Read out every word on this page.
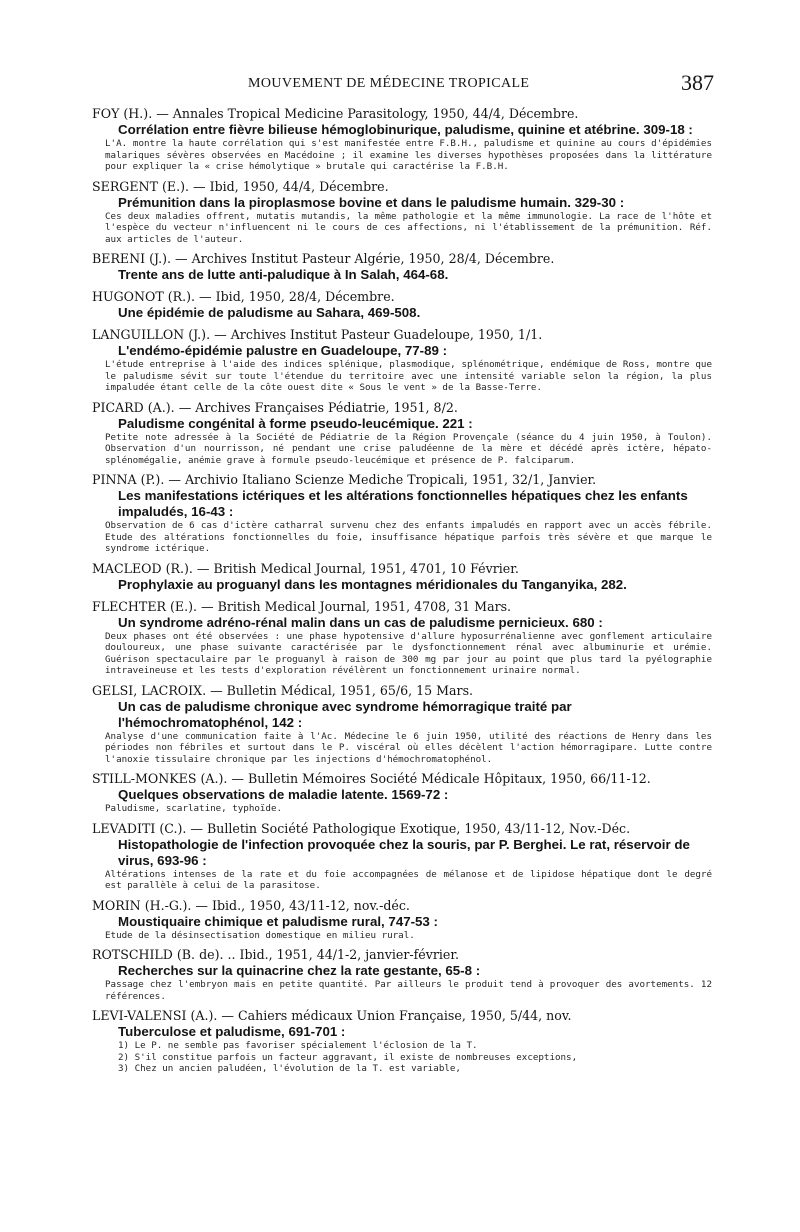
MOUVEMENT DE MÉDECINE TROPICALE	387
FOY (H.). — Annales Tropical Medicine Parasitology, 1950, 44/4, Décembre.
Corrélation entre fièvre bilieuse hémoglobinurique, paludisme, quinine et atébrine. 309-18 :
L'A. montre la haute corrélation qui s'est manifestée entre F.B.H., paludisme et quinine au cours d'épidémies malariques sévères observées en Macédoine ; il examine les diverses hypothèses proposées dans la littérature pour expliquer la « crise hémolytique » brutale qui caractérise la F.B.H.
SERGENT (E.). — Ibid, 1950, 44/4, Décembre.
Prémunition dans la piroplasmose bovine et dans le paludisme humain. 329-30 :
Ces deux maladies offrent, mutatis mutandis, la même pathologie et la même immunologie. La race de l'hôte et l'espèce du vecteur n'influencent ni le cours de ces affections, ni l'établissement de la prémunition. Réf. aux articles de l'auteur.
BERENI (J.). — Archives Institut Pasteur Algérie, 1950, 28/4, Décembre.
Trente ans de lutte anti-paludique à In Salah, 464-68.
HUGONOT (R.). — Ibid, 1950, 28/4, Décembre.
Une épidémie de paludisme au Sahara, 469-508.
LANGUILLON (J.). — Archives Institut Pasteur Guadeloupe, 1950, 1/1.
L'endémo-épidémie palustre en Guadeloupe, 77-89 :
L'étude entreprise à l'aide des indices splénique, plasmodique, splénométrique, endémique de Ross, montre que le paludisme sévit sur toute l'étendue du territoire avec une intensité variable selon la région, la plus impaludée étant celle de la côte ouest dite « Sous le vent » de la Basse-Terre.
PICARD (A.). — Archives Françaises Pédiatrie, 1951, 8/2.
Paludisme congénital à forme pseudo-leucémique. 221 :
Petite note adressée à la Société de Pédiatrie de la Région Provençale (séance du 4 juin 1950, à Toulon). Observation d'un nourrisson, né pendant une crise paludéenne de la mère et décédé après ictère, hépato-splénomégalie, anémie grave à formule pseudo-leucémique et présence de P. falciparum.
PINNA (P.). — Archivio Italiano Scienze Mediche Tropicali, 1951, 32/1, Janvier.
Les manifestations ictériques et les altérations fonctionnelles hépatiques chez les enfants impaludés, 16-43 :
Observation de 6 cas d'ictère catharral survenu chez des enfants impaludés en rapport avec un accès fébrile. Etude des altérations fonctionnelles du foie, insuffisance hépatique parfois très sévère et que marque le syndrome ictérique.
MACLEOD (R.). — British Medical Journal, 1951, 4701, 10 Février.
Prophylaxie au proguanyl dans les montagnes méridionales du Tanganyika, 282.
FLECHTER (E.). — British Medical Journal, 1951, 4708, 31 Mars.
Un syndrome adréno-rénal malin dans un cas de paludisme pernicieux. 680 :
Deux phases ont été observées : une phase hypotensive d'allure hyposurrénalienne avec gonflement articulaire douloureux, une phase suivante caractérisée par le dysfonctionnement rénal avec albuminurie et urémie. Guérison spectaculaire par le proguanyl à raison de 300 mg par jour au point que plus tard la pyélographie intraveineuse et les tests d'exploration révélèrent un fonctionnement urinaire normal.
GELSI, LACROIX. — Bulletin Médical, 1951, 65/6, 15 Mars.
Un cas de paludisme chronique avec syndrome hémorragique traité par l'hémochromatophénol, 142 :
Analyse d'une communication faite à l'Ac. Médecine le 6 juin 1950, utilité des réactions de Henry dans les périodes non fébriles et surtout dans le P. viscéral où elles décèlent l'action hémorragipare. Lutte contre l'anoxie tissulaire chronique par les injections d'hémochromatophénol.
STILL-MONKES (A.). — Bulletin Mémoires Société Médicale Hôpitaux, 1950, 66/11-12.
Quelques observations de maladie latente. 1569-72 :
Paludisme, scarlatine, typhoïde.
LEVADITI (C.). — Bulletin Société Pathologique Exotique, 1950, 43/11-12, Nov.-Déc.
Histopathologie de l'infection provoquée chez la souris, par P. Berghei. Le rat, réservoir de virus, 693-96 :
Altérations intenses de la rate et du foie accompagnées de mélanose et de lipidose hépatique dont le degré est parallèle à celui de la parasitose.
MORIN (H.-G.). — Ibid., 1950, 43/11-12, nov.-déc.
Moustiquaire chimique et paludisme rural, 747-53 :
Etude de la désinsectisation domestique en milieu rural.
ROTSCHILD (B. de). .. Ibid., 1951, 44/1-2, janvier-février.
Recherches sur la quinacrine chez la rate gestante, 65-8 :
Passage chez l'embryon mais en petite quantité. Par ailleurs le produit tend à provoquer des avortements. 12 références.
LEVI-VALENSI (A.). — Cahiers médicaux Union Française, 1950, 5/44, nov.
Tuberculose et paludisme, 691-701 :
1) Le P. ne semble pas favoriser spécialement l'éclosion de la T.
2) S'il constitue parfois un facteur aggravant, il existe de nombreuses exceptions,
3) Chez un ancien paludéen, l'évolution de la T. est variable,
